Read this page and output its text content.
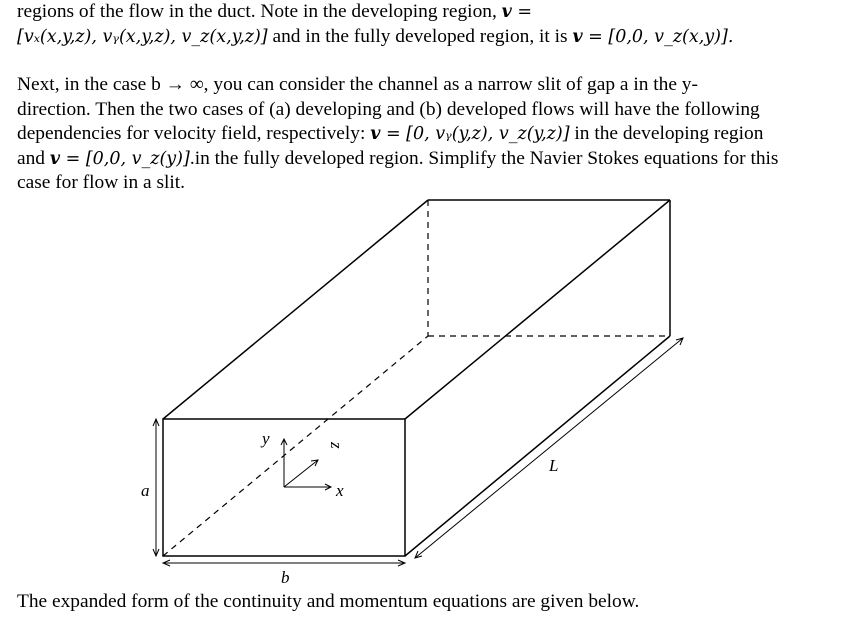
regions of the flow in the duct. Note in the developing region, v =
[vₓ(x,y,z), vᵧ(x,y,z), v_z(x,y,z)] and in the fully developed region, it is v = [0,0, v_z(x,y)].
Next, in the case b → ∞, you can consider the channel as a narrow slit of gap a in the y-
direction. Then the two cases of (a) developing and (b) developed flows will have the following
dependencies for velocity field, respectively: v = [0, vᵧ(y,z), v_z(y,z)] in the developing region
and v = [0,0, v_z(y)].in the fully developed region. Simplify the Navier Stokes equations for this
case for flow in a slit.
a
b
L
y
x
z
The expanded form of the continuity and momentum equations are given below.
